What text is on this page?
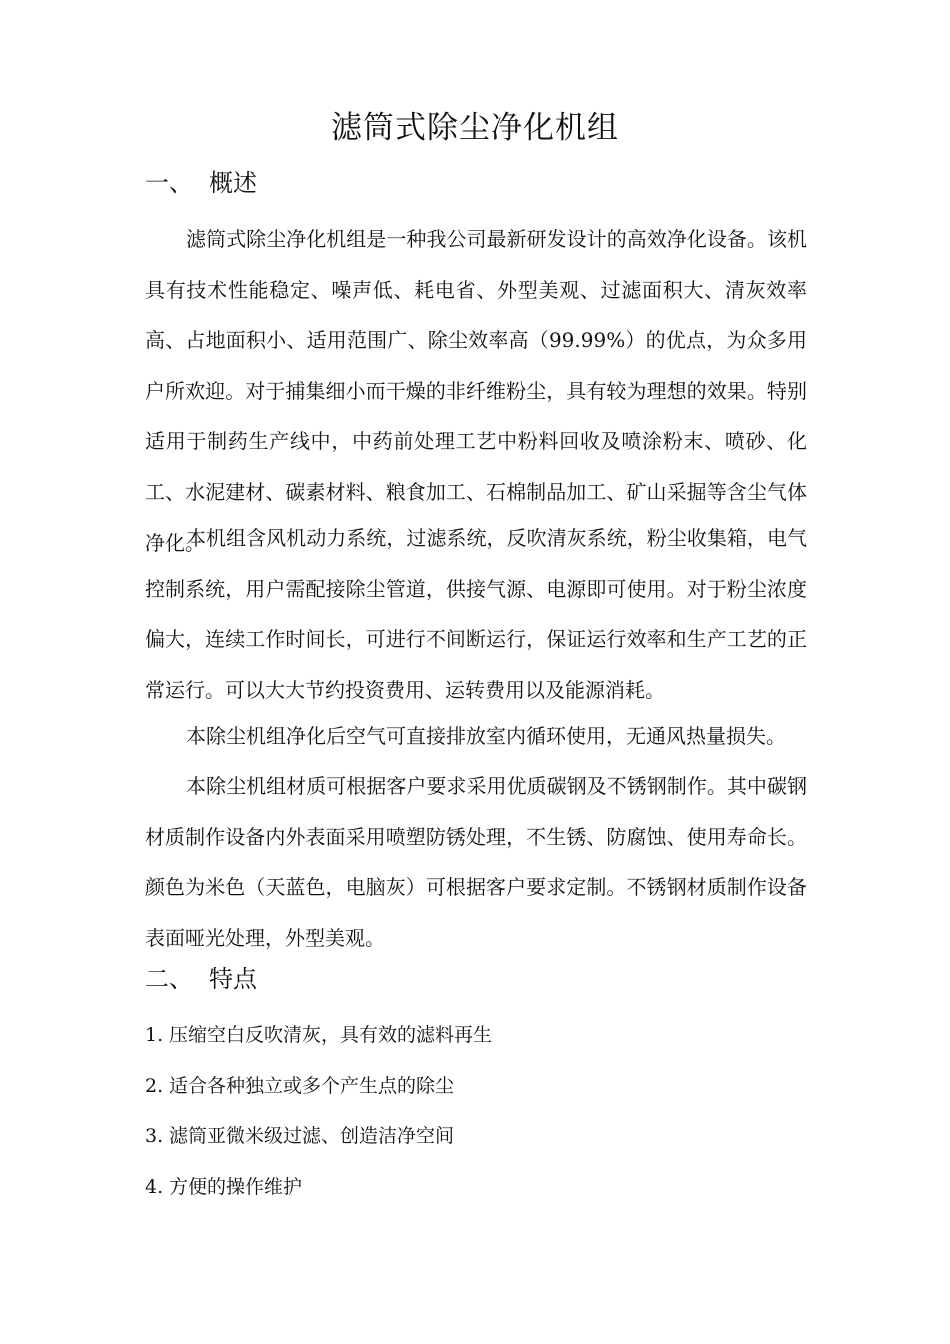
滤筒式除尘净化机组
一、 概述

滤筒式除尘净化机组是一种我公司最新研发设计的高效净化设备。该机具有技术性能稳定、噪声低、耗电省、外型美观、过滤面积大、清灰效率高、占地面积小、适用范围广、除尘效率高（99.99%）的优点，为众多用户所欢迎。对于捕集细小而干燥的非纤维粉尘，具有较为理想的效果。特别适用于制药生产线中，中药前处理工艺中粉料回收及喷涂粉末、喷砂、化工、水泥建材、碳素材料、粮食加工、石棉制品加工、矿山采掘等含尘气体净化。

本机组含风机动力系统，过滤系统，反吹清灰系统，粉尘收集箱，电气控制系统，用户需配接除尘管道，供接气源、电源即可使用。对于粉尘浓度偏大，连续工作时间长，可进行不间断运行，保证运行效率和生产工艺的正常运行。可以大大节约投资费用、运转费用以及能源消耗。

本除尘机组净化后空气可直接排放室内循环使用，无通风热量损失。

本除尘机组材质可根据客户要求采用优质碳钢及不锈钢制作。其中碳钢材质制作设备内外表面采用喷塑防锈处理，不生锈、防腐蚀、使用寿命长。颜色为米色（天蓝色，电脑灰）可根据客户要求定制。不锈钢材质制作设备表面哑光处理，外型美观。

二、 特点
1. 压缩空白反吹清灰，具有效的滤料再生
2. 适合各种独立或多个产生点的除尘
3. 滤筒亚微米级过滤、创造洁净空间
4. 方便的操作维护
